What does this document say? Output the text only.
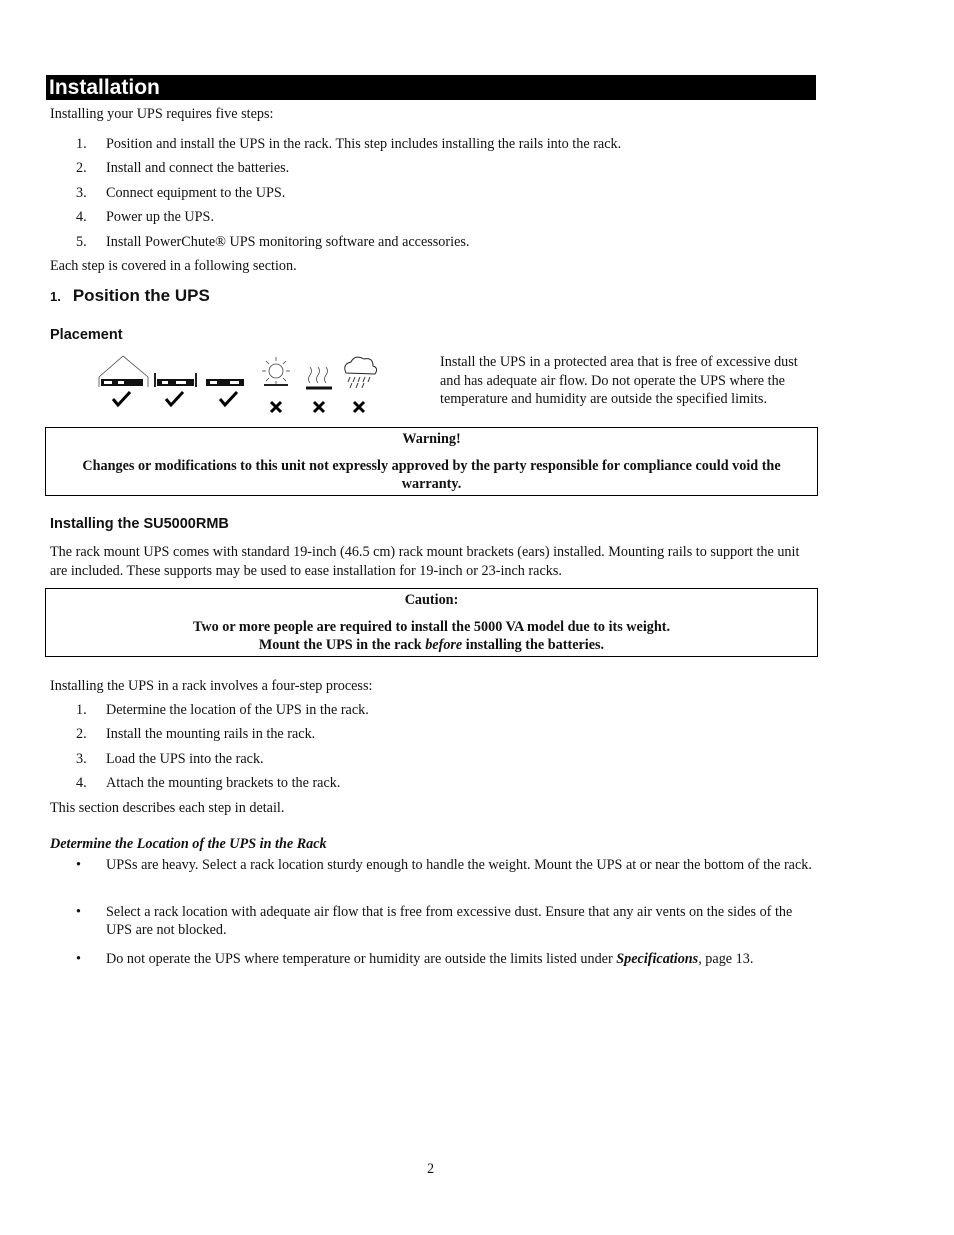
Installation
Installing your UPS requires five steps:
1. Position and install the UPS in the rack. This step includes installing the rails into the rack.
2. Install and connect the batteries.
3. Connect equipment to the UPS.
4. Power up the UPS.
5. Install PowerChute® UPS monitoring software and accessories.
Each step is covered in a following section.
1. Position the UPS
Placement
Install the UPS in a protected area that is free of excessive dust and has adequate air flow. Do not operate the UPS where the temperature and humidity are outside the specified limits.
Warning!
Changes or modifications to this unit not expressly approved by the party responsible for compliance could void the warranty.
Installing the SU5000RMB
The rack mount UPS comes with standard 19-inch (46.5 cm) rack mount brackets (ears) installed. Mounting rails to support the unit are included. These supports may be used to ease installation for 19-inch or 23-inch racks.
Caution:
Two or more people are required to install the 5000 VA model due to its weight.
Mount the UPS in the rack before installing the batteries.
Installing the UPS in a rack involves a four-step process:
1. Determine the location of the UPS in the rack.
2. Install the mounting rails in the rack.
3. Load the UPS into the rack.
4. Attach the mounting brackets to the rack.
This section describes each step in detail.
Determine the Location of the UPS in the Rack
• UPSs are heavy. Select a rack location sturdy enough to handle the weight. Mount the UPS at or near the bottom of the rack.
• Select a rack location with adequate air flow that is free from excessive dust. Ensure that any air vents on the sides of the UPS are not blocked.
• Do not operate the UPS where temperature or humidity are outside the limits listed under Specifications, page 13.
2
